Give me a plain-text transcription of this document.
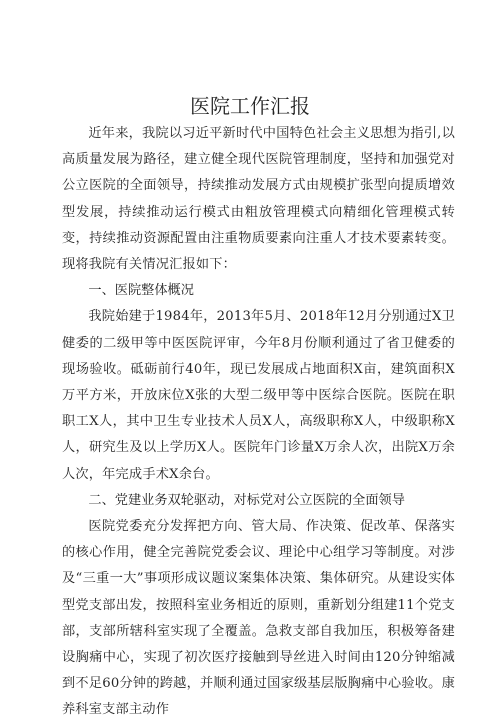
医院工作汇报

近年来，我院以习近平新时代中国特色社会主义思想为指引,以高质量发展为路径，建立健全现代医院管理制度，坚持和加强党对公立医院的全面领导，持续推动发展方式由规模扩张型向提质增效型发展，持续推动运行模式由粗放管理模式向精细化管理模式转变，持续推动资源配置由注重物质要素向注重人才技术要素转变。现将我院有关情况汇报如下：

一、医院整体概况

我院始建于1984年，2013年5月、2018年12月分别通过X卫健委的二级甲等中医医院评审，今年8月份顺利通过了省卫健委的现场验收。砥砺前行40年，现已发展成占地面积X亩，建筑面积X万平方米，开放床位X张的大型二级甲等中医综合医院。医院在职职工X人，其中卫生专业技术人员X人，高级职称X人，中级职称X人，研究生及以上学历X人。医院年门诊量X万余人次，出院X万余人次，年完成手术X余台。

二、党建业务双轮驱动，对标党对公立医院的全面领导

医院党委充分发挥把方向、管大局、作决策、促改革、保落实的核心作用，健全完善院党委会议、理论中心组学习等制度。对涉及“三重一大”事项形成议题议案集体决策、集体研究。从建设实体型党支部出发，按照科室业务相近的原则，重新划分组建11个党支部，支部所辖科室实现了全覆盖。急救支部自我加压，积极筹备建设胸痛中心，实现了初次医疗接触到导丝进入时间由120分钟缩减到不足60分钟的跨越，并顺利通过国家级基层版胸痛中心验收。康养科室支部主动作
